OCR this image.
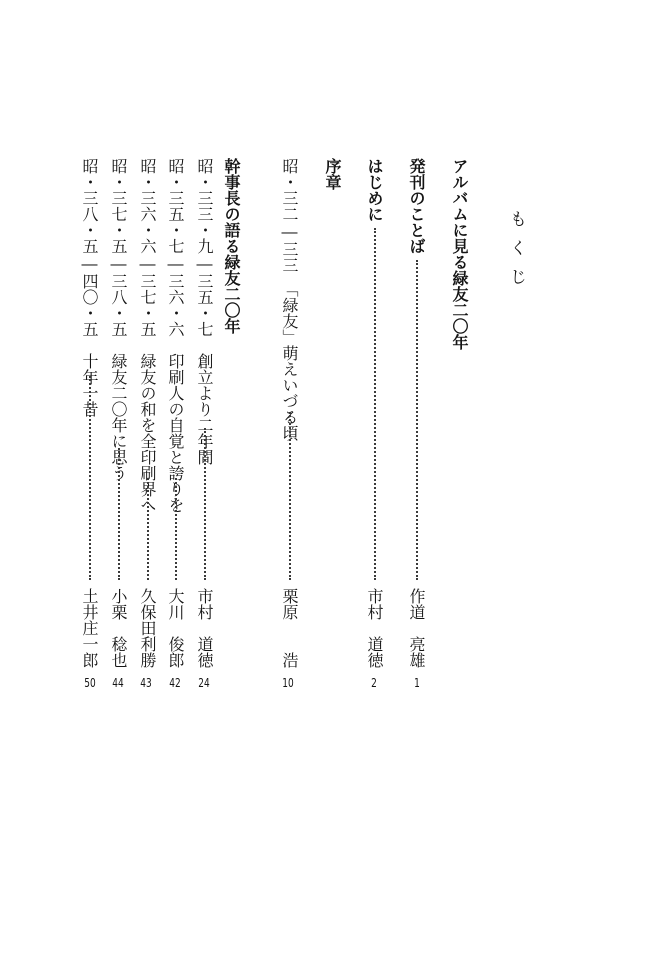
もくじ
アルバムに見る緑友二〇年
発刊のことば
作道　亮雄
1
はじめに
市村　道徳
2
序章
昭・三二―三三　「緑友」萌えいづる頃
栗原　　浩
10
幹事長の語る緑友二〇年
昭・三三・九―三五・七　創立より二年間
市村　道徳
24
昭・三五・七―三六・六　印刷人の自覚と誇りを
大川　俊郎
42
昭・三六・六―三七・五　緑友の和を全印刷界へ
久保田利勝
43
昭・三七・五―三八・五　緑友二〇年に思う
小栗　稔也
44
昭・三八・五―四〇・五　十年一昔
土井庄一郎
50
